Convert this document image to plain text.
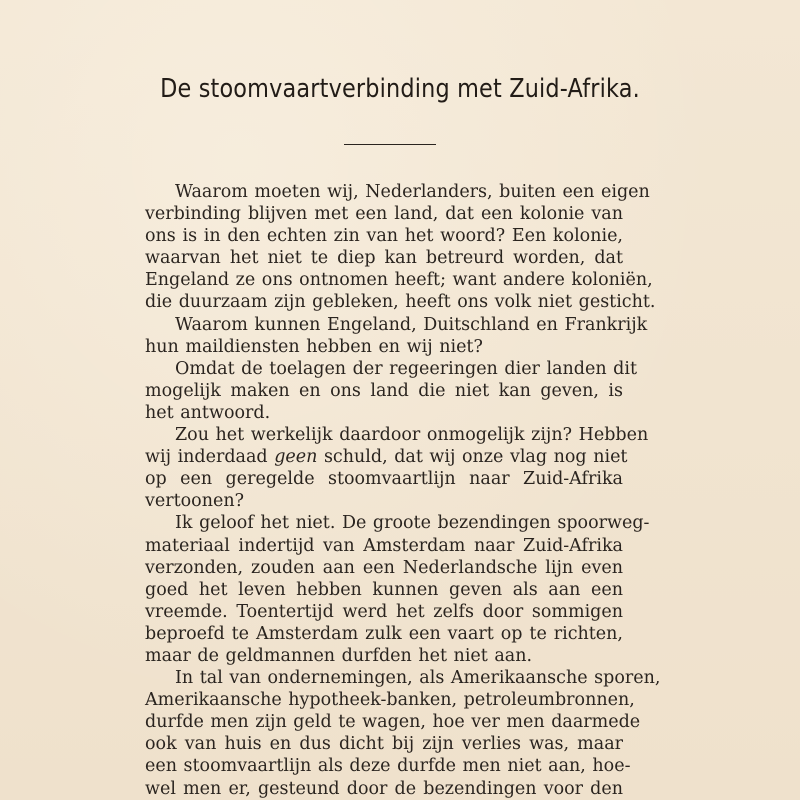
De stoomvaartverbinding met Zuid-Afrika.
Waarom moeten wij, Nederlanders, buiten een eigen
verbinding blijven met een land, dat een kolonie van
ons is in den echten zin van het woord? Een kolonie,
waarvan het niet te diep kan betreurd worden, dat
Engeland ze ons ontnomen heeft; want andere koloniën,
die duurzaam zijn gebleken, heeft ons volk niet gesticht.
Waarom kunnen Engeland, Duitschland en Frankrijk
hun maildiensten hebben en wij niet?
Omdat de toelagen der regeeringen dier landen dit
mogelijk maken en ons land die niet kan geven, is
het antwoord.
Zou het werkelijk daardoor onmogelijk zijn? Hebben
wij inderdaad geen schuld, dat wij onze vlag nog niet
op een geregelde stoomvaartlijn naar Zuid-Afrika
vertoonen?
Ik geloof het niet. De groote bezendingen spoorweg-
materiaal indertijd van Amsterdam naar Zuid-Afrika
verzonden, zouden aan een Nederlandsche lijn even
goed het leven hebben kunnen geven als aan een
vreemde. Toentertijd werd het zelfs door sommigen
beproefd te Amsterdam zulk een vaart op te richten,
maar de geldmannen durfden het niet aan.
In tal van ondernemingen, als Amerikaansche sporen,
Amerikaansche hypotheek-banken, petroleumbronnen,
durfde men zijn geld te wagen, hoe ver men daarmede
ook van huis en dus dicht bij zijn verlies was, maar
een stoomvaartlijn als deze durfde men niet aan, hoe-
wel men er, gesteund door de bezendingen voor den
